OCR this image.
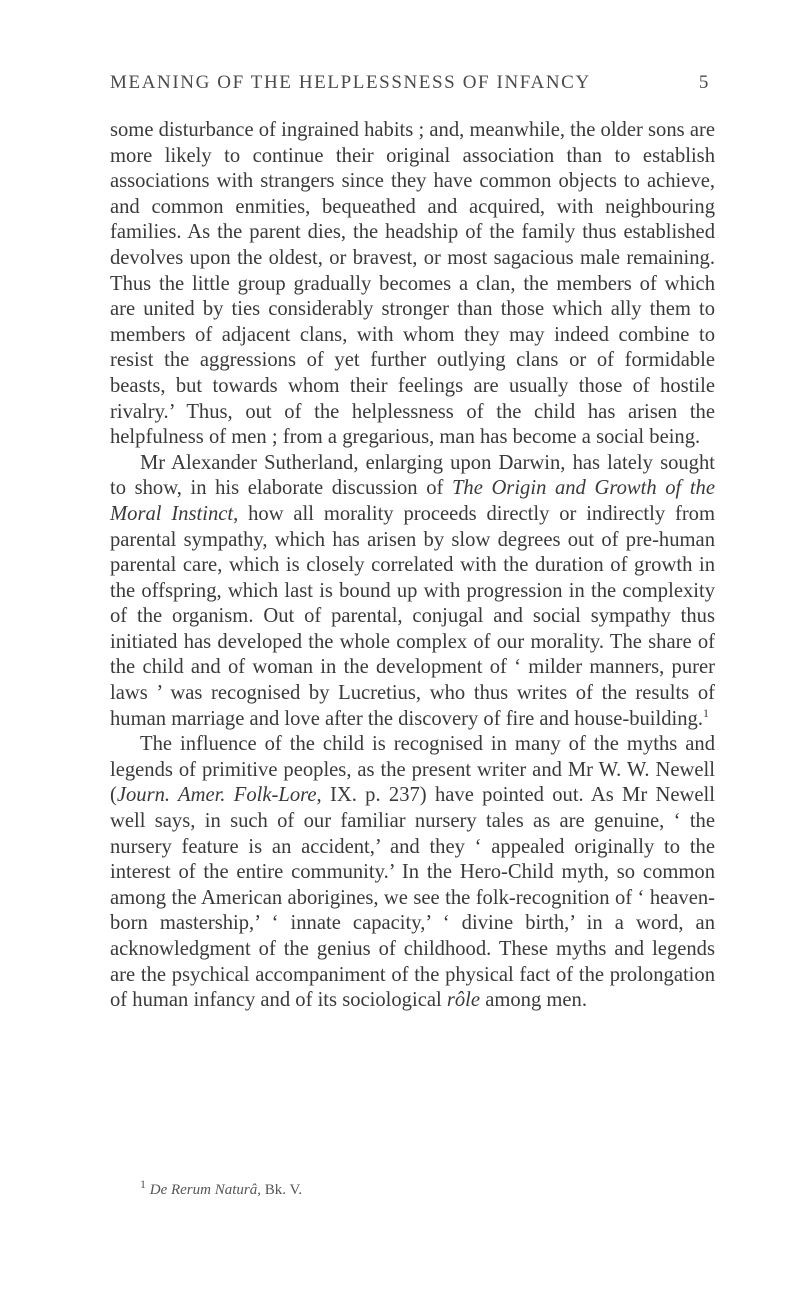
MEANING OF THE HELPLESSNESS OF INFANCY	5

some disturbance of ingrained habits ; and, meanwhile, the older sons are more likely to continue their original association than to establish associations with strangers since they have common objects to achieve, and common enmities, bequeathed and acquired, with neighbouring families. As the parent dies, the headship of the family thus established devolves upon the oldest, or bravest, or most sagacious male remaining. Thus the little group gradually becomes a clan, the members of which are united by ties considerably stronger than those which ally them to members of adjacent clans, with whom they may indeed combine to resist the aggressions of yet further outlying clans or of formidable beasts, but towards whom their feelings are usually those of hostile rivalry.’ Thus, out of the helplessness of the child has arisen the helpfulness of men ; from a gregarious, man has become a social being.

Mr Alexander Sutherland, enlarging upon Darwin, has lately sought to show, in his elaborate discussion of The Origin and Growth of the Moral Instinct, how all morality proceeds directly or indirectly from parental sympathy, which has arisen by slow degrees out of pre-human parental care, which is closely correlated with the duration of growth in the offspring, which last is bound up with progression in the complexity of the organism. Out of parental, conjugal and social sympathy thus initiated has developed the whole complex of our morality. The share of the child and of woman in the development of ‘ milder manners, purer laws ’ was recognised by Lucretius, who thus writes of the results of human marriage and love after the discovery of fire and house-building.$^1$

The influence of the child is recognised in many of the myths and legends of primitive peoples, as the present writer and Mr W. W. Newell (Journ. Amer. Folk-Lore, IX. p. 237) have pointed out. As Mr Newell well says, in such of our familiar nursery tales as are genuine, ‘ the nursery feature is an accident,’ and they ‘ appealed originally to the interest of the entire community.’ In the Hero-Child myth, so common among the American aborigines, we see the folk-recognition of ‘ heaven-born mastership,’ ‘ innate capacity,’ ‘ divine birth,’ in a word, an acknowledgment of the genius of childhood. These myths and legends are the psychical accompaniment of the physical fact of the prolongation of human infancy and of its sociological rôle among men.

$^1$ De Rerum Naturâ, Bk. V.
